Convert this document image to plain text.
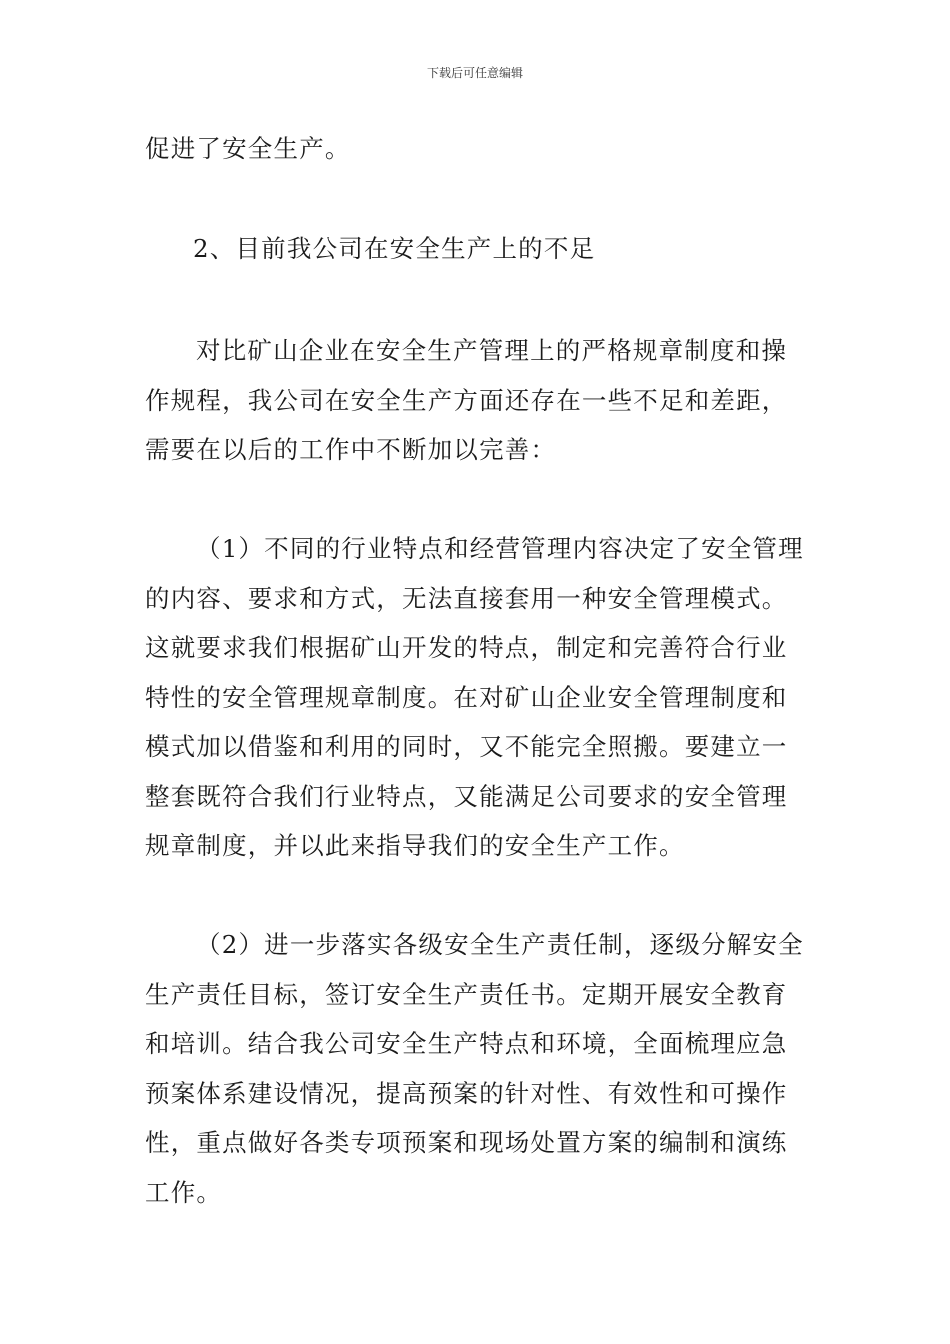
下载后可任意编辑
促进了安全生产。
2、目前我公司在安全生产上的不足
对比矿山企业在安全生产管理上的严格规章制度和操
作规程，我公司在安全生产方面还存在一些不足和差距，
需要在以后的工作中不断加以完善：
（1）不同的行业特点和经营管理内容决定了安全管理
的内容、要求和方式，无法直接套用一种安全管理模式。
这就要求我们根据矿山开发的特点，制定和完善符合行业
特性的安全管理规章制度。在对矿山企业安全管理制度和
模式加以借鉴和利用的同时，又不能完全照搬。要建立一
整套既符合我们行业特点，又能满足公司要求的安全管理
规章制度，并以此来指导我们的安全生产工作。
（2）进一步落实各级安全生产责任制，逐级分解安全
生产责任目标，签订安全生产责任书。定期开展安全教育
和培训。结合我公司安全生产特点和环境，全面梳理应急
预案体系建设情况，提高预案的针对性、有效性和可操作
性，重点做好各类专项预案和现场处置方案的编制和演练
工作。
